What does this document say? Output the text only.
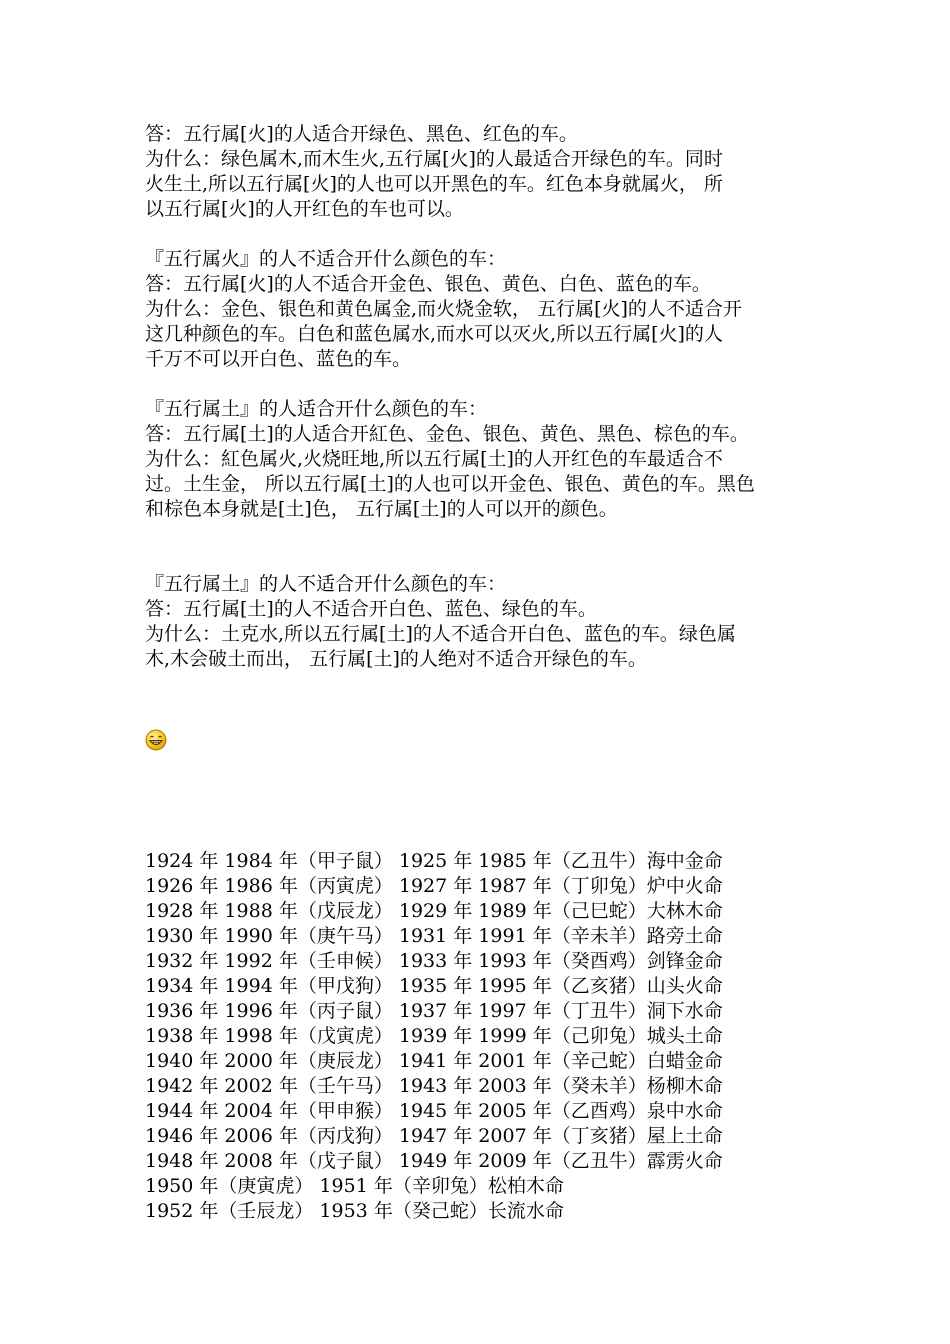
答：五行属[火]的人适合开绿色、黑色、红色的车。
为什么：绿色属木,而木生火,五行属[火]的人最适合开绿色的车。同时
火生土,所以五行属[火]的人也可以开黑色的车。红色本身就属火， 所
以五行属[火]的人开红色的车也可以。
『五行属火』的人不适合开什么颜色的车：
答：五行属[火]的人不适合开金色、银色、黄色、白色、蓝色的车。
为什么：金色、银色和黄色属金,而火烧金软， 五行属[火]的人不适合开
这几种颜色的车。白色和蓝色属水,而水可以灭火,所以五行属[火]的人
千万不可以开白色、蓝色的车。
『五行属土』的人适合开什么颜色的车：
答：五行属[土]的人适合开紅色、金色、银色、黄色、黑色、棕色的车。
为什么：紅色属火,火烧旺地,所以五行属[土]的人开红色的车最适合不
过。土生金， 所以五行属[土]的人也可以开金色、银色、黄色的车。黑色
和棕色本身就是[土]色， 五行属[土]的人可以开的颜色。
『五行属土』的人不适合开什么颜色的车：
答：五行属[土]的人不适合开白色、蓝色、绿色的车。
为什么：土克水,所以五行属[土]的人不适合开白色、蓝色的车。绿色属
木,木会破土而出， 五行属[土]的人绝对不适合开绿色的车。
1924 年 1984 年（甲子鼠） 1925 年 1985 年（乙丑牛）海中金命
1926 年 1986 年（丙寅虎） 1927 年 1987 年（丁卯兔）炉中火命
1928 年 1988 年（戊辰龙） 1929 年 1989 年（己巳蛇）大林木命
1930 年 1990 年（庚午马） 1931 年 1991 年（辛未羊）路旁土命
1932 年 1992 年（壬申候） 1933 年 1993 年（癸酉鸡）剑锋金命
1934 年 1994 年（甲戊狗） 1935 年 1995 年（乙亥猪）山头火命
1936 年 1996 年（丙子鼠） 1937 年 1997 年（丁丑牛）洞下水命
1938 年 1998 年（戊寅虎） 1939 年 1999 年（己卯兔）城头土命
1940 年 2000 年（庚辰龙） 1941 年 2001 年（辛己蛇）白蜡金命
1942 年 2002 年（壬午马） 1943 年 2003 年（癸未羊）杨柳木命
1944 年 2004 年（甲申猴） 1945 年 2005 年（乙酉鸡）泉中水命
1946 年 2006 年（丙戊狗） 1947 年 2007 年（丁亥猪）屋上土命
1948 年 2008 年（戊子鼠） 1949 年 2009 年（乙丑牛）霹雳火命
1950 年（庚寅虎） 1951 年（辛卯兔）松柏木命
1952 年（壬辰龙） 1953 年（癸己蛇）长流水命
